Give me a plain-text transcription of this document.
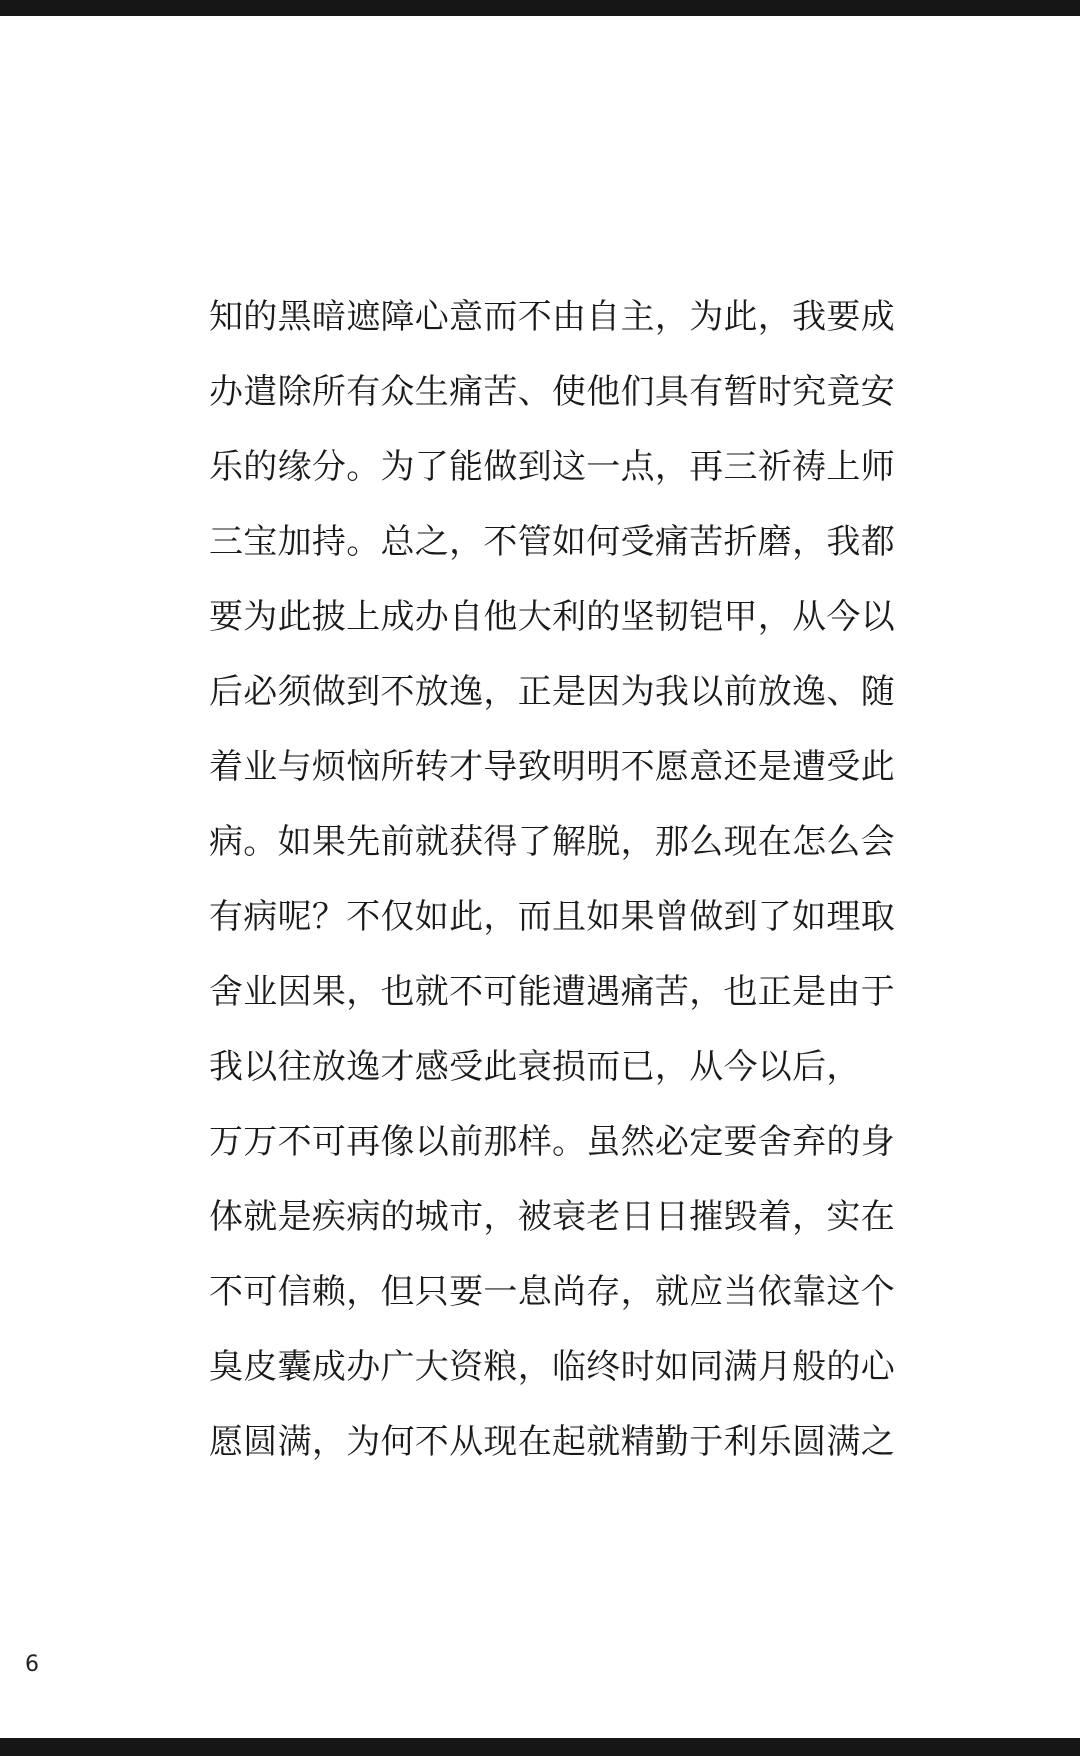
知的黑暗遮障心意而不由自主，为此，我要成
办遣除所有众生痛苦、使他们具有暂时究竟安
乐的缘分。为了能做到这一点，再三祈祷上师
三宝加持。总之，不管如何受痛苦折磨，我都
要为此披上成办自他大利的坚韧铠甲，从今以
后必须做到不放逸，正是因为我以前放逸、随
着业与烦恼所转才导致明明不愿意还是遭受此
病。如果先前就获得了解脱，那么现在怎么会
有病呢？不仅如此，而且如果曾做到了如理取
舍业因果，也就不可能遭遇痛苦，也正是由于
我以往放逸才感受此衰损而已，从今以后，
万万不可再像以前那样。虽然必定要舍弃的身
体就是疾病的城市，被衰老日日摧毁着，实在
不可信赖，但只要一息尚存，就应当依靠这个
臭皮囊成办广大资粮，临终时如同满月般的心
愿圆满，为何不从现在起就精勤于利乐圆满之
6
